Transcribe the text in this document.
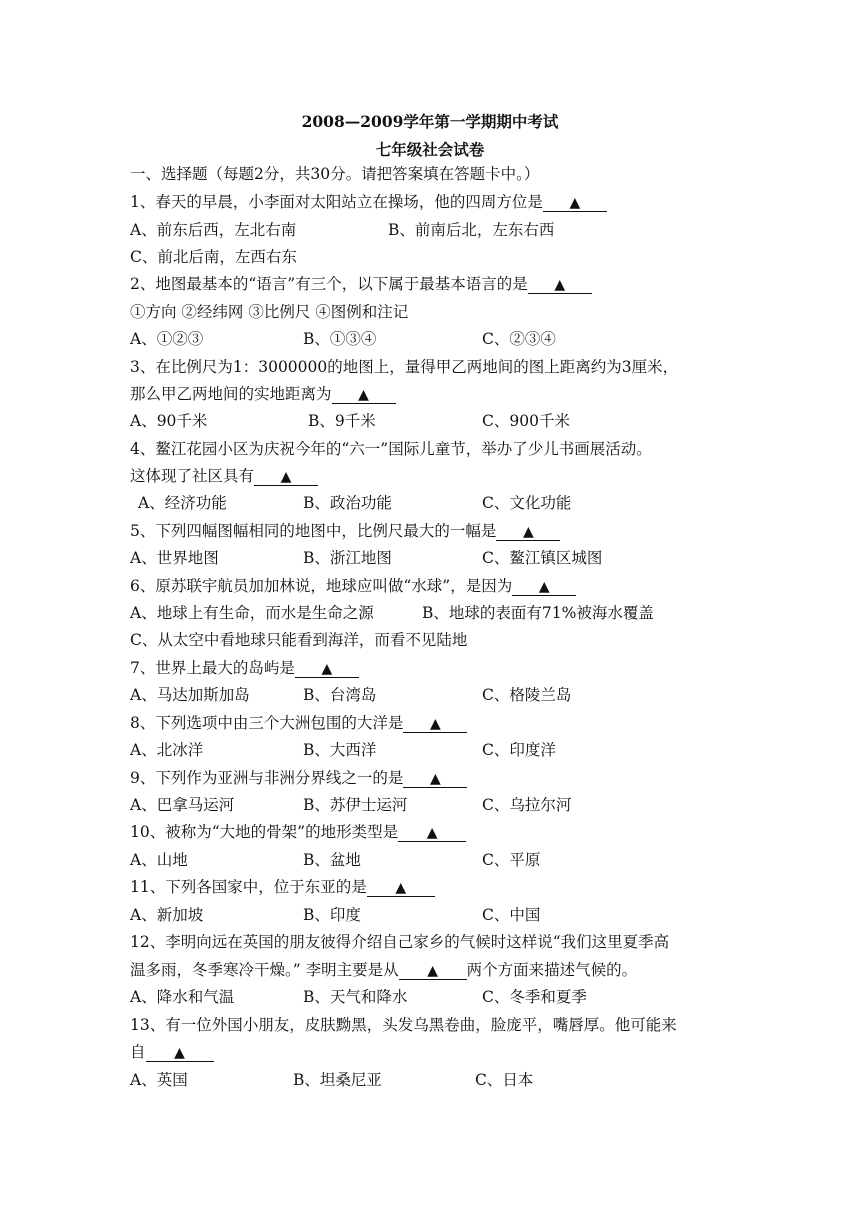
2008—2009学年第一学期期中考试
七年级社会试卷
一、选择题（每题2分，共30分。请把答案填在答题卡中。）
1、春天的早晨，小李面对太阳站立在操场，他的四周方位是 ▲
A、前东后西，左北右南	B、前南后北，左东右西
C、前北后南，左西右东
2、地图最基本的“语言”有三个，以下属于最基本语言的是 ▲
①方向 ②经纬网 ③比例尺 ④图例和注记
A、①②③	B、①③④	C、②③④
3、在比例尺为1：3000000的地图上，量得甲乙两地间的图上距离约为3厘米，
那么甲乙两地间的实地距离为 ▲
A、90千米	B、9千米	C、900千米
4、鳌江花园小区为庆祝今年的“六一”国际儿童节，举办了少儿书画展活动。
这体现了社区具有 ▲
A、经济功能	B、政治功能	C、文化功能
5、下列四幅图幅相同的地图中，比例尺最大的一幅是 ▲
A、世界地图	B、浙江地图	C、鳌江镇区城图
6、原苏联宇航员加加林说，地球应叫做“水球”，是因为 ▲
A、地球上有生命，而水是生命之源	B、地球的表面有71%被海水覆盖
C、从太空中看地球只能看到海洋，而看不见陆地
7、世界上最大的岛屿是 ▲
A、马达加斯加岛	B、台湾岛	C、格陵兰岛
8、下列选项中由三个大洲包围的大洋是 ▲
A、北冰洋	B、大西洋	C、印度洋
9、下列作为亚洲与非洲分界线之一的是 ▲
A、巴拿马运河	B、苏伊士运河	C、乌拉尔河
10、被称为“大地的骨架”的地形类型是 ▲
A、山地	B、盆地	C、平原
11、下列各国家中，位于东亚的是 ▲
A、新加坡	B、印度	C、中国
12、李明向远在英国的朋友彼得介绍自己家乡的气候时这样说“我们这里夏季高
温多雨，冬季寒冷干燥。” 李明主要是从 ▲ 两个方面来描述气候的。
A、降水和气温	B、天气和降水	C、冬季和夏季
13、有一位外国小朋友，皮肤黝黑，头发乌黑卷曲，脸庞平，嘴唇厚。他可能来
自 ▲
A、英国	B、坦桑尼亚	C、日本
